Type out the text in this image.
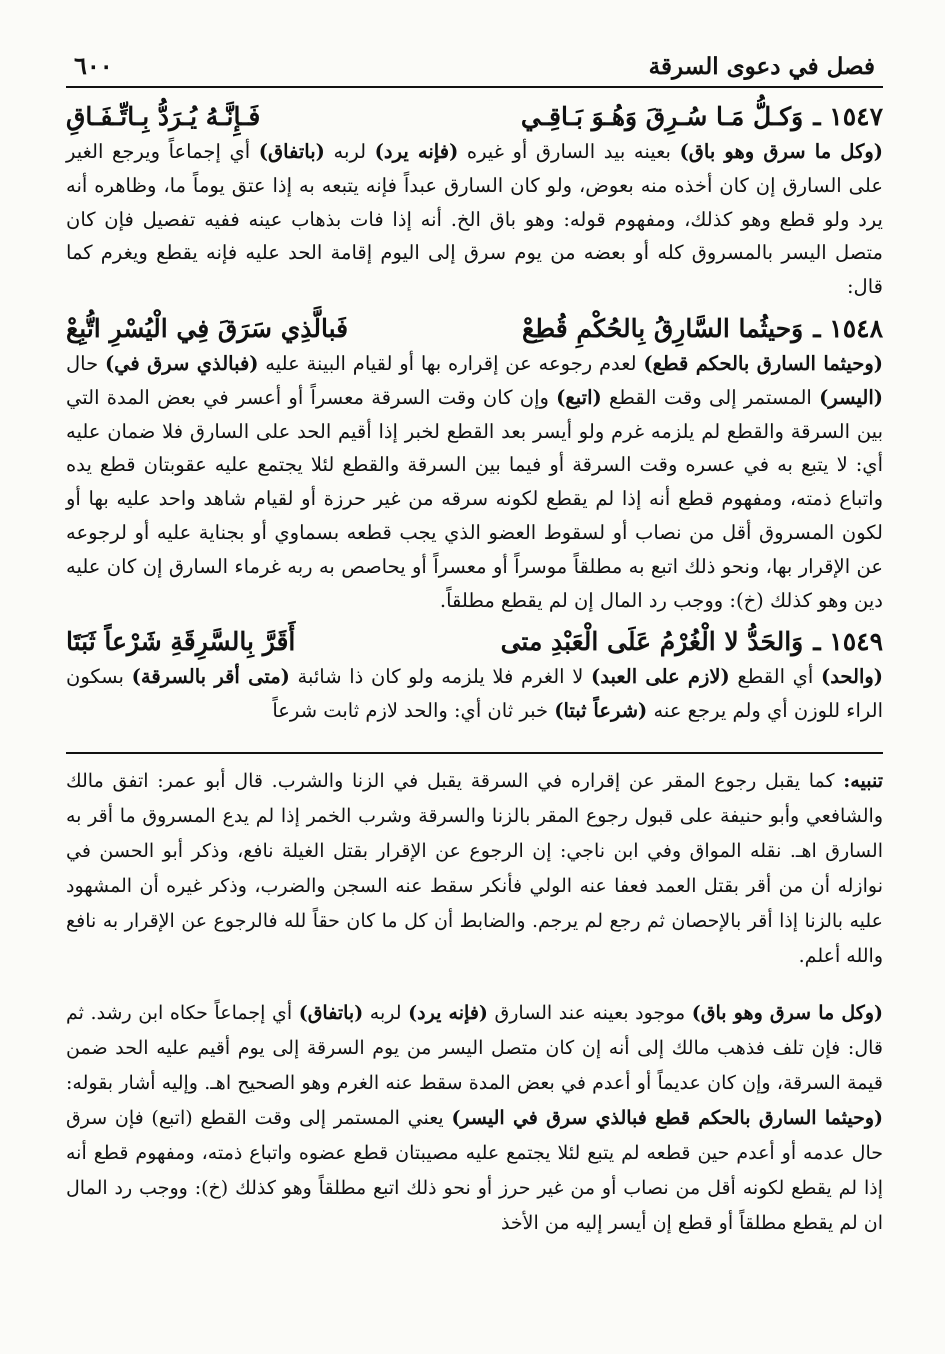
فصل في دعوى السرقة
٦٠٠
١٥٤٧ ـ
وَكـلُّ مَـا سُـرِقَ وَهُـوَ بَـاقِـي
فَـإِنَّـهُ يُـرَدُّ بِـاتِّـفَـاقِ

(وكل ما سرق وهو باق) بعينه بيد السارق أو غيره (فإنه يرد) لربه (باتفاق) أي إجماعاً ويرجع الغير على السارق إن كان أخذه منه بعوض، ولو كان السارق عبداً فإنه يتبعه به إذا عتق يوماً ما، وظاهره أنه يرد ولو قطع وهو كذلك، ومفهوم قوله: وهو باق الخ. أنه إذا فات بذهاب عينه ففيه تفصيل فإن كان متصل اليسر بالمسروق كله أو بعضه من يوم سرق إلى اليوم إقامة الحد عليه فإنه يقطع ويغرم كما قال:

١٥٤٨ ـ
وَحيثُما السَّارِقُ بِالحُكْمِ قُطِعْ
فَبالَّذِي سَرَقَ فِي الْيُسْرِ اتُّبِعْ

(وحيثما السارق بالحكم قطع) لعدم رجوعه عن إقراره بها أو لقيام البينة عليه (فبالذي سرق في) حال (اليسر) المستمر إلى وقت القطع (اتبع) وإن كان وقت السرقة معسراً أو أعسر في بعض المدة التي بين السرقة والقطع لم يلزمه غرم ولو أيسر بعد القطع لخبر إذا أقيم الحد على السارق فلا ضمان عليه أي: لا يتبع به في عسره وقت السرقة أو فيما بين السرقة والقطع لئلا يجتمع عليه عقوبتان قطع يده واتباع ذمته، ومفهوم قطع أنه إذا لم يقطع لكونه سرقه من غير حرزة أو لقيام شاهد واحد عليه بها أو لكون المسروق أقل من نصاب أو لسقوط العضو الذي يجب قطعه بسماوي أو بجناية عليه أو لرجوعه عن الإقرار بها، ونحو ذلك اتبع به مطلقاً موسراً أو معسراً أو يحاصص به ربه غرماء السارق إن كان عليه دين وهو كذلك (خ): ووجب رد المال إن لم يقطع مطلقاً.

١٥٤٩ ـ
وَالحَدُّ لا الْغُرْمُ عَلَى الْعَبْدِ متى
أَقَرَّ بِالسَّرِقَةِ شَرْعاً ثَبَتَا

(والحد) أي القطع (لازم على العبد) لا الغرم فلا يلزمه ولو كان ذا شائبة (متى أقر بالسرقة) بسكون الراء للوزن أي ولم يرجع عنه (شرعاً ثبتا) خبر ثان أي: والحد لازم ثابت شرعاً

تنبيه: كما يقبل رجوع المقر عن إقراره في السرقة يقبل في الزنا والشرب. قال أبو عمر: اتفق مالك والشافعي وأبو حنيفة على قبول رجوع المقر بالزنا والسرقة وشرب الخمر إذا لم يدع المسروق ما أقر به السارق اهـ. نقله المواق وفي ابن ناجي: إن الرجوع عن الإقرار بقتل الغيلة نافع، وذكر أبو الحسن في نوازله أن من أقر بقتل العمد فعفا عنه الولي فأنكر سقط عنه السجن والضرب، وذكر غيره أن المشهود عليه بالزنا إذا أقر بالإحصان ثم رجع لم يرجم. والضابط أن كل ما كان حقاً لله فالرجوع عن الإقرار به نافع والله أعلم.

(وكل ما سرق وهو باق) موجود بعينه عند السارق (فإنه يرد) لربه (باتفاق) أي إجماعاً حكاه ابن رشد. ثم قال: فإن تلف فذهب مالك إلى أنه إن كان متصل اليسر من يوم السرقة إلى يوم أقيم عليه الحد ضمن قيمة السرقة، وإن كان عديماً أو أعدم في بعض المدة سقط عنه الغرم وهو الصحيح اهـ. وإليه أشار بقوله: (وحيثما السارق بالحكم قطع فبالذي سرق في اليسر) يعني المستمر إلى وقت القطع (اتبع) فإن سرق حال عدمه أو أعدم حين قطعه لم يتبع لئلا يجتمع عليه مصيبتان قطع عضوه واتباع ذمته، ومفهوم قطع أنه إذا لم يقطع لكونه أقل من نصاب أو من غير حرز أو نحو ذلك اتبع مطلقاً وهو كذلك (خ): ووجب رد المال ان لم يقطع مطلقاً أو قطع إن أيسر إليه من الأخذ
